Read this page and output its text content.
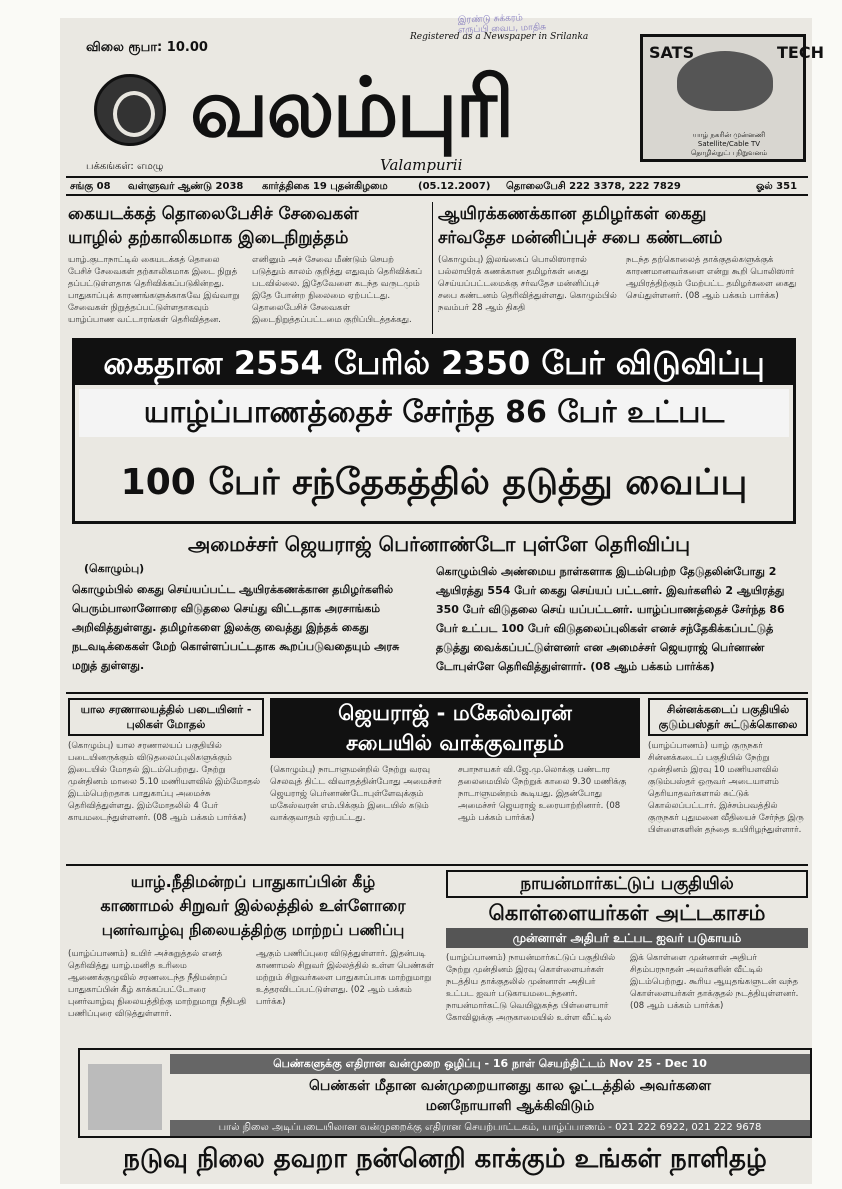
இரண்டு சுக்கரம்
எருப்பி வைப, மாதிசு
விலை ரூபா: 10.00
Registered as a Newspaper in Srilanka
வலம்புரி
Valampurii
பக்கங்கள்: எமழு
SATS	TECH
யாழ் நகரின் முன்னணி Satellite/Cable TV தொழில்நுட்ப நிறுவனம்
சங்கு 08 வள்ளுவர் ஆண்டு 2038 கார்த்திகை 19 புதன்கிழமை	(05.12.2007) தொலைபேசி 222 3378, 222 7829	ஓல் 351
கையடக்கத் தொலைபேசிச் சேவைகள்
யாழில் தற்காலிகமாக இடைநிறுத்தம்
யாழ்.குடாநாட்டில் கையடக்கத் தொலை பேசிச் சேவைகள் தற்காலிகமாக இடை நிறுத் தப்பட்டுள்ளதாக தெரிவிக்கப்படுகின்றது. பாதுகாப்புக் காரணங்களுக்காகவே இவ்வாறு சேவைகள் நிறுத்தப்பட்டுள்ளதாகவும் யாழ்ப்பாண வட்டாரங்கள் தெரிவித்தன.
எனினும் அச் சேவை மீண்டும் செயற் படுத்தும் காலம் குறித்து எதுவும் தெரிவிக்கப் படவில்லை. இதேவேளை கடந்த வருடமும் இதே போன்ற நிலைமை ஏற்பட்டது. தொலைபேசிச் சேவைகள் இடைநிறுத்தப்பட்டமை குறிப்பிடத்தக்கது.
ஆயிரக்கணக்கான தமிழர்கள் கைது
சர்வதேச மன்னிப்புச் சபை கண்டனம்
(கொழும்பு) இலங்கைப் பொலிஸாரால் பல்லாயிரக் கணக்கான தமிழர்கள் கைது செய்யப்பட்டமைக்கு சர்வதேச மன்னிப்புச் சபை கண்டனம் தெரிவித்துள்ளது. கொழும்பில் நவம்பர் 28 ஆம் திகதி
நடந்த தற்கொலைத் தாக்குதல்களுக்குக் காரணமானவர்களை என்று கூறி பொலிஸார் ஆயிரத்திற்கும் மேற்பட்ட தமிழர்களை கைது செய்துள்ளனர். (08 ஆம் பக்கம் பார்க்க)
கைதான 2554 பேரில் 2350 பேர் விடுவிப்பு
யாழ்ப்பாணத்தைச் சேர்ந்த 86 பேர் உட்பட
100 பேர் சந்தேகத்தில் தடுத்து வைப்பு
அமைச்சர் ஜெயராஜ் பெர்னாண்டோ புள்ளே தெரிவிப்பு
(கொழும்பு)
கொழும்பில் கைது செய்யப்பட்ட ஆயிரக்கணக்கான தமிழர்களில் பெரும்பாலானோரை விடுதலை செய்து விட்டதாக அரசாங்கம் அறிவித்துள்ளது. தமிழர்களை இலக்கு வைத்து இந்தக் கைது நடவடிக்கைகள் மேற் கொள்ளப்பட்டதாக கூறப்படுவதையும் அரசு மறுத் துள்ளது.
கொழும்பில் அண்மைய நாள்களாக இடம்பெற்ற தேடுதலின்போது 2 ஆயிரத்து 554 பேர் கைது செய்யப் பட்டனர். இவர்களில் 2 ஆயிரத்து 350 பேர் விடுதலை செய் யப்பட்டனர். யாழ்ப்பாணத்தைச் சேர்ந்த 86 பேர் உட்பட 100 பேர் விடுதலைப்புலிகள் எனச் சந்தேகிக்கப்பட்டுத் தடுத்து வைக்கப்பட்டுள்ளனர் என அமைச்சர் ஜெயராஜ் பெர்னாண் டோபுள்ளே தெரிவித்துள்ளார். (08 ஆம் பக்கம் பார்க்க)
யால சரணாலயத்தில் படையினர் - புலிகள் மோதல்
(கொழும்பு) யால சரணாலயப் பகுதியில் படையினருக்கும் விடுதலைப்புலிகளுக்கும் இடையில் மோதல் இடம்பெற்றது. நேற்று முன்தினம் மாலை 5.10 மணியளவில் இம்மோதல் இடம்பெற்றதாக பாதுகாப்பு அமைச்சு தெரிவித்துள்ளது. இம்மோதலில் 4 பேர் காயமடைந்துள்ளனர். (08 ஆம் பக்கம் பார்க்க)
ஜெயராஜ் - மகேஸ்வரன்
சபையில் வாக்குவாதம்
(கொழும்பு) நாடாளுமன்றில் நேற்று வரவு செலவுத் திட்ட விவாதத்தின்போது அமைச்சர் ஜெயராஜ் பெர்னாண்டோபுள்ளேவுக்கும் மகேஸ்வரன் எம்.பிக்கும் இடையில் கடும் வாக்குவாதம் ஏற்பட்டது.
சபாநாயகர் வி.ஜே.மு.லொக்கு பண்டார தலைமையில் நேற்றுக் காலை 9.30 மணிக்கு நாடாளுமன்றம் கூடியது. இதன்போது அமைச்சர் ஜெயராஜ் உரையாற்றினார். (08 ஆம் பக்கம் பார்க்க)
சின்னக்கடைப் பகுதியில் குடும்பஸ்தர் சுட்டுக்கொலை
(யாழ்ப்பாணம்) யாழ் குருநகர் சின்னக்கடைப் பகுதியில் நேற்று முன்தினம் இரவு 10 மணியளவில் குடும்பஸ்தர் ஒருவர் அடையாளம் தெரியாதவர்களால் சுட்டுக் கொல்லப்பட்டார். இச்சம்பவத்தில் குருநகர் புதுமனை வீதியைச் சேர்ந்த இரு பிள்ளைகளின் தந்தை உயிரிழந்துள்ளார்.
யாழ்.நீதிமன்றப் பாதுகாப்பின் கீழ்
காணாமல் சிறுவர் இல்லத்தில் உள்ளோரை
புனர்வாழ்வு நிலையத்திற்கு மாற்றப் பணிப்பு
(யாழ்ப்பாணம்) உயிர் அச்சுறுத்தல் எனத் தெரிவித்து யாழ்.மனித உரிமை ஆணைக்குழுவில் சரணடைந்த நீதிமன்றப் பாதுகாப்பின் கீழ் காக்கப்பட்டோரை புனர்வாழ்வு நிலையத்திற்கு மாற்றுமாறு நீதிபதி பணிப்புரை விடுத்துள்ளார்.
ஆகும் பணிப்புரை விடுத்துள்ளார். இதன்படி காணாமல் சிறுவர் இல்லத்தில் உள்ள பெண்கள் மற்றும் சிறுவர்களை பாதுகாப்பாக மாற்றுமாறு உத்தரவிடப்பட்டுள்ளது. (02 ஆம் பக்கம் பார்க்க)
நாயன்மார்கட்டுப் பகுதியில்
கொள்ளையர்கள் அட்டகாசம்
முன்னாள் அதிபர் உட்பட ஐவர் படுகாயம்
(யாழ்ப்பாணம்) நாயன்மார்கட்டுப் பகுதியில் நேற்று முன்தினம் இரவு கொள்ளையர்கள் நடத்திய தாக்குதலில் முன்னாள் அதிபர் உட்பட ஐவர் படுகாயமடைந்தனர். நாயன்மார்கட்டு வெயிலுகந்த பிள்ளையார் கோவிலுக்கு அருகாமையில் உள்ள வீட்டில்
இக் கொள்ளை முன்னாள் அதிபர் சிதம்பரநாதன் அவர்களின் வீட்டில் இடம்பெற்றது. கூரிய ஆயுதங்களுடன் வந்த கொள்ளையர்கள் தாக்குதல் நடத்தியுள்ளனர். (08 ஆம் பக்கம் பார்க்க)
பெண்களுக்கு எதிரான வன்முறை ஒழிப்பு - 16 நாள் செயற்திட்டம் Nov 25 - Dec 10
பெண்கள் மீதான வன்முறையானது கால ஓட்டத்தில் அவர்களை
மனநோயாளி ஆக்கிவிடும்
பால் நிலை அடிப்படையிலான வன்முறைக்கு எதிரான செயற்பாட்டகம், யாழ்ப்பாணம் - 021 222 6922, 021 222 9678
நடுவு நிலை தவறா நன்னெறி காக்கும் உங்கள் நாளிதழ்
